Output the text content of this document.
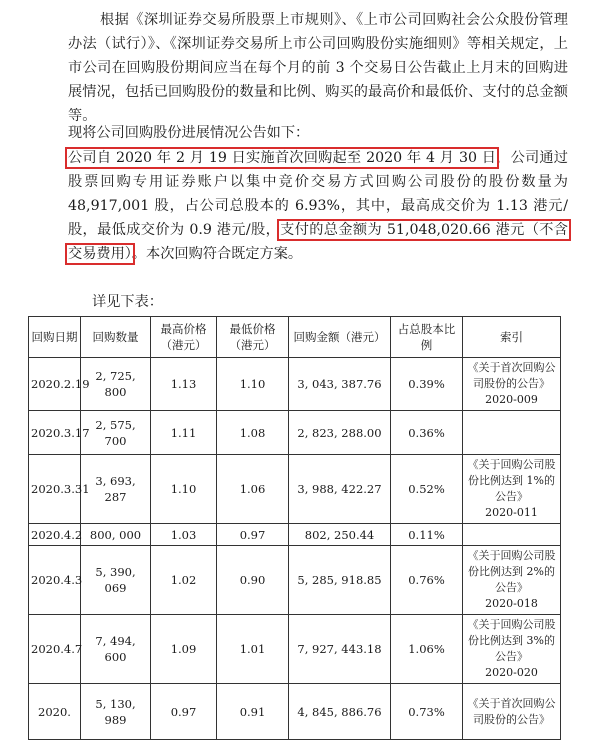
根据《深圳证券交易所股票上市规则》、《上市公司回购社会公众股份管理办法（试行）》、《深圳证券交易所上市公司回购股份实施细则》等相关规定，上市公司在回购股份期间应当在每个月的前 3 个交易日公告截止上月末的回购进展情况，包括已回购股份的数量和比例、购买的最高价和最低价、支付的总金额等。

现将公司回购股份进展情况公告如下：

公司自 2020 年 2 月 19 日实施首次回购起至 2020 年 4 月 30 日，公司通过股票回购专用证券账户以集中竞价交易方式回购公司股份的股份数量为 48,917,001 股，占公司总股本的 6.93%，其中，最高成交价为 1.13 港元/股，最低成交价为 0.9 港元/股，支付的总金额为 51,048,020.66 港元（不含交易费用）。本次回购符合既定方案。

详见下表：

回购日期	回购数量	最高价格（港元）	最低价格（港元）	回购金额（港元）	占总股本比例	索引
2020.2.19	2, 725, 800	1.13	1.10	3, 043, 387.76	0.39%	《关于首次回购公司股份的公告》
2020-009

2020.3.17	2, 575, 700	1.11	1.08	2, 823, 288.00	0.36%	

2020.3.31	3, 693, 287	1.10	1.06	3, 988, 422.27	0.52%	《关于回购公司股份比例达到 1%的公告》
2020-011

2020.4.2	800, 000	1.03	0.97	802, 250.44	0.11%	

2020.4.3	5, 390, 069	1.02	0.90	5, 285, 918.85	0.76%	《关于回购公司股份比例达到 2%的公告》
2020-018

2020.4.7	7, 494, 600	1.09	1.01	7, 927, 443.18	1.06%	《关于回购公司股份比例达到 3%的公告》
2020-020

2020.	5, 130, 989	0.97	0.91	4, 845, 886.76	0.73%	《关于首次回购公司股份的公告》
